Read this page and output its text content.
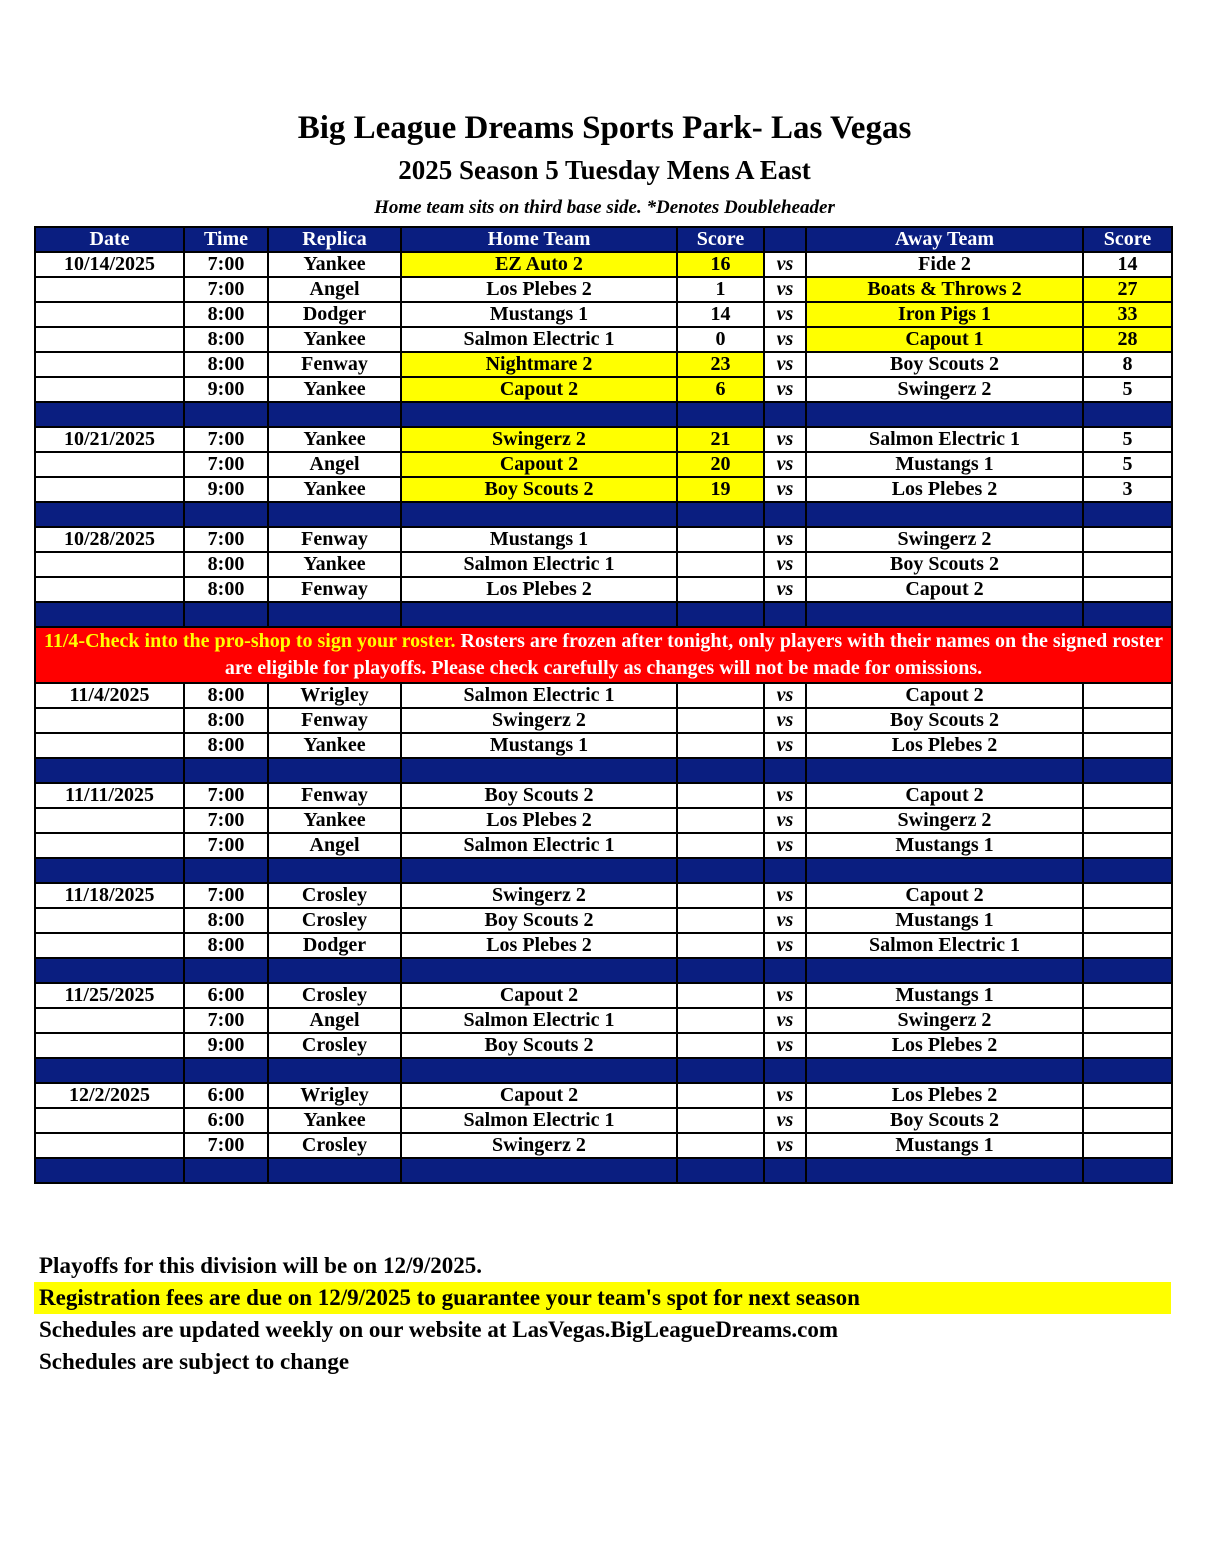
Big League Dreams Sports Park- Las Vegas
2025 Season 5 Tuesday Mens A East
Home team sits on third base side. *Denotes Doubleheader
Date	Time	Replica	Home Team	Score		Away Team	Score
10/14/2025	7:00	Yankee	EZ Auto 2	16	vs	Fide 2	14
	7:00	Angel	Los Plebes 2	1	vs	Boats & Throws 2	27
	8:00	Dodger	Mustangs 1	14	vs	Iron Pigs 1	33
	8:00	Yankee	Salmon Electric 1	0	vs	Capout 1	28
	8:00	Fenway	Nightmare 2	23	vs	Boy Scouts 2	8
	9:00	Yankee	Capout 2	6	vs	Swingerz 2	5

10/21/2025	7:00	Yankee	Swingerz 2	21	vs	Salmon Electric 1	5
	7:00	Angel	Capout 2	20	vs	Mustangs 1	5
	9:00	Yankee	Boy Scouts 2	19	vs	Los Plebes 2	3

10/28/2025	7:00	Fenway	Mustangs 1		vs	Swingerz 2	
	8:00	Yankee	Salmon Electric 1		vs	Boy Scouts 2	
	8:00	Fenway	Los Plebes 2		vs	Capout 2	

11/4-Check into the pro-shop to sign your roster. Rosters are frozen after tonight, only players with their names on the signed roster are eligible for playoffs. Please check carefully as changes will not be made for omissions.							
11/4/2025	8:00	Wrigley	Salmon Electric 1		vs	Capout 2	
	8:00	Fenway	Swingerz 2		vs	Boy Scouts 2	
	8:00	Yankee	Mustangs 1		vs	Los Plebes 2	

11/11/2025	7:00	Fenway	Boy Scouts 2		vs	Capout 2	
	7:00	Yankee	Los Plebes 2		vs	Swingerz 2	
	7:00	Angel	Salmon Electric 1		vs	Mustangs 1	

11/18/2025	7:00	Crosley	Swingerz 2		vs	Capout 2	
	8:00	Crosley	Boy Scouts 2		vs	Mustangs 1	
	8:00	Dodger	Los Plebes 2		vs	Salmon Electric 1	

11/25/2025	6:00	Crosley	Capout 2		vs	Mustangs 1	
	7:00	Angel	Salmon Electric 1		vs	Swingerz 2	
	9:00	Crosley	Boy Scouts 2		vs	Los Plebes 2	

12/2/2025	6:00	Wrigley	Capout 2		vs	Los Plebes 2	
	6:00	Yankee	Salmon Electric 1		vs	Boy Scouts 2	
	7:00	Crosley	Swingerz 2		vs	Mustangs 1	

Playoffs for this division will be on 12/9/2025.
Registration fees are due on 12/9/2025 to guarantee your team's spot for next season
Schedules are updated weekly on our website at LasVegas.BigLeagueDreams.com
Schedules are subject to change
